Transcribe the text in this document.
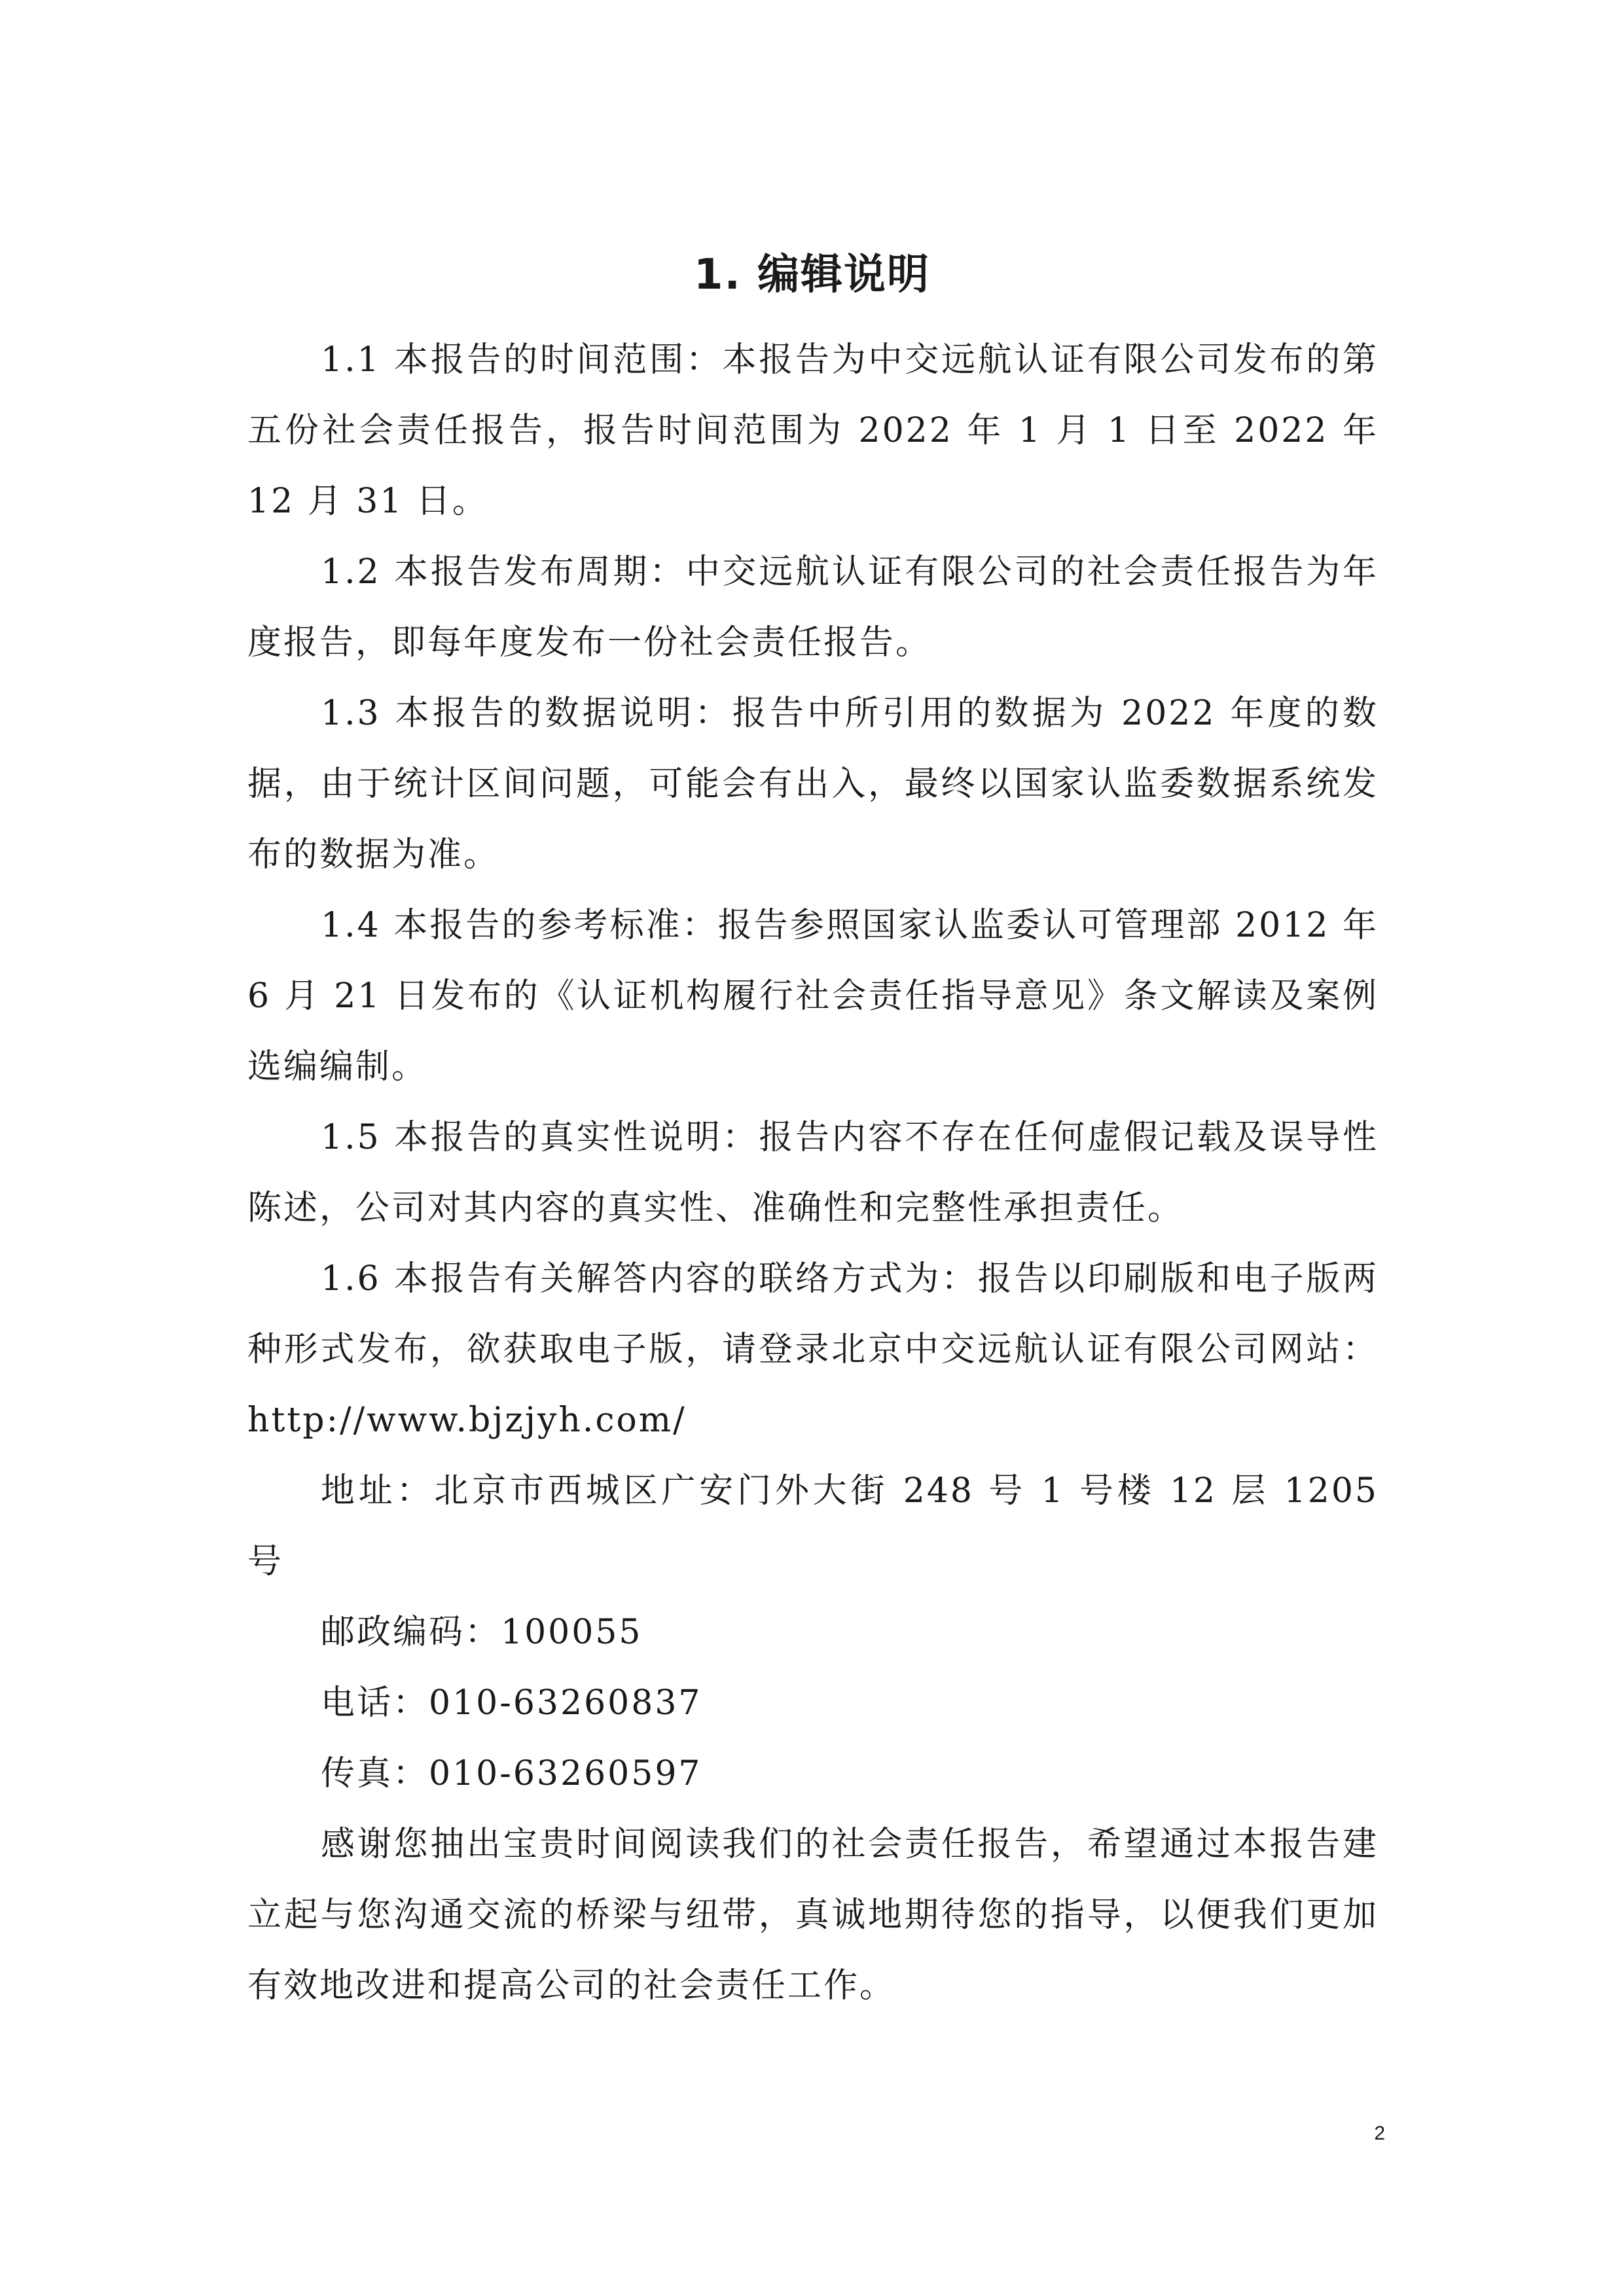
1. 编辑说明

1.1 本报告的时间范围：本报告为中交远航认证有限公司发布的第五份社会责任报告，报告时间范围为 2022 年 1 月 1 日至 2022 年 12 月 31 日。

1.2 本报告发布周期：中交远航认证有限公司的社会责任报告为年度报告，即每年度发布一份社会责任报告。

1.3 本报告的数据说明：报告中所引用的数据为 2022 年度的数据，由于统计区间问题，可能会有出入，最终以国家认监委数据系统发布的数据为准。

1.4 本报告的参考标准：报告参照国家认监委认可管理部 2012 年 6 月 21 日发布的《认证机构履行社会责任指导意见》条文解读及案例选编编制。

1.5 本报告的真实性说明：报告内容不存在任何虚假记载及误导性陈述，公司对其内容的真实性、准确性和完整性承担责任。

1.6 本报告有关解答内容的联络方式为：报告以印刷版和电子版两种形式发布，欲获取电子版，请登录北京中交远航认证有限公司网站：http://www.bjzjyh.com/

地址：北京市西城区广安门外大街 248 号 1 号楼 12 层 1205 号

邮政编码：100055

电话：010-63260837

传真：010-63260597

感谢您抽出宝贵时间阅读我们的社会责任报告，希望通过本报告建立起与您沟通交流的桥梁与纽带，真诚地期待您的指导，以便我们更加有效地改进和提高公司的社会责任工作。

2
